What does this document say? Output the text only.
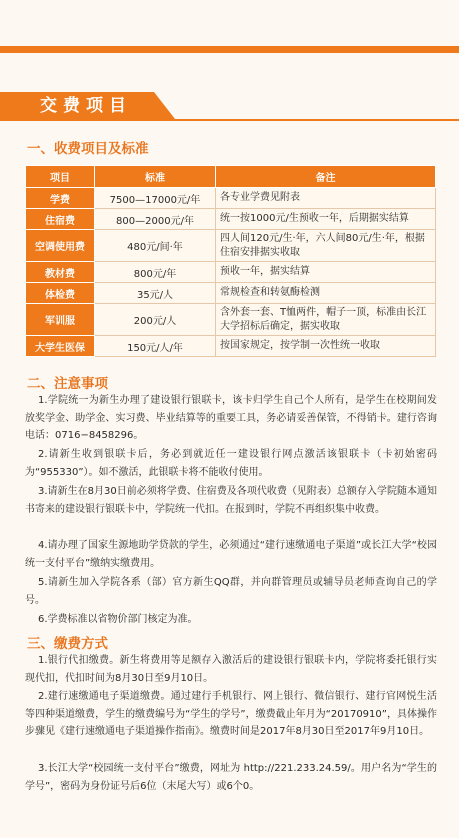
交费项目
一、收费项目及标准
项目	标准	备注
学费	7500—17000元/年	各专业学费见附表
住宿费	800—2000元/年	统一按1000元/生预收一年，后期据实结算
空调使用费	480元/间·年	四人间120元/生·年，六人间80元/生·年，根据住宿安排据实收取
教材费	800元/年	预收一年，据实结算
体检费	35元/人	常规检查和转氨酶检测
军训服	200元/人	含外套一套、T恤两件，帽子一顶，标准由长江大学招标后确定，据实收取
大学生医保	150元/人/年	按国家规定，按学制一次性统一收取
二、注意事项

1.学院统一为新生办理了建设银行银联卡，该卡归学生自己个人所有，是学生在校期间发放奖学金、助学金、实习费、毕业结算等的重要工具，务必请妥善保管，不得销卡。建行咨询电话：0716−8458296。

2.请新生收到银联卡后，务必到就近任一建设银行网点激活该银联卡（卡初始密码为“955330”）。如不激活，此银联卡将不能收付使用。

3.请新生在8月30日前必须将学费、住宿费及各项代收费（见附表）总额存入学院随本通知书寄来的建设银行银联卡中，学院统一代扣。在报到时，学院不再组织集中收费。

4.请办理了国家生源地助学贷款的学生，必须通过“建行速缴通电子渠道”或长江大学“校园统一支付平台”缴纳实缴费用。

5.请新生加入学院各系（部）官方新生QQ群，并向群管理员或辅导员老师查询自己的学号。

6.学费标准以省物价部门核定为准。

三、缴费方式

1.银行代扣缴费。新生将费用等足额存入激活后的建设银行银联卡内，学院将委托银行实现代扣，代扣时间为8月30日至9月10日。

2.建行速缴通电子渠道缴费。通过建行手机银行、网上银行、微信银行、建行官网悦生活等四种渠道缴费，学生的缴费编号为“学生的学号”，缴费截止年月为“20170910”，具体操作步骤见《建行速缴通电子渠道操作指南》。缴费时间是2017年8月30日至2017年9月10日。

3.长江大学“校园统一支付平台”缴费，网址为 http://221.233.24.59/。用户名为“学生的学号”，密码为身份证号后6位（末尾大写）或6个0。
